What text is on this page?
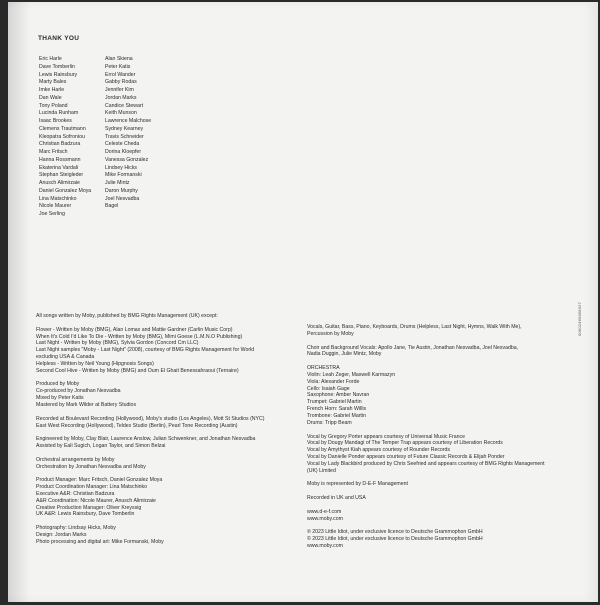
THANK YOU
Eric Harle
Dave Tomberlin
Lewis Rainsbury
Marty Bales
Imke Harle
Dan Wale
Tony Poland
Lucinda Runham
Isaac Brookes
Clemens Trautmann
Kleopatra Sofroniou
Christian Badzura
Marc Fritsch
Hanna Rossmann
Ekaterina Vardali
Stephan Steigleder
Anusch Alimirzaie
Daniel Gonzalez Moya
Lina Matschinko
Nicole Maurer
Joe Serling
Alan Skiena
Peter Katis
Errol Wander
Gabby Rodas
Jennifer Kim
Jordan Marks
Candice Stewart
Keith Munson
Lawrence Malchose
Sydney Kearney
Travis Schneider
Celeste Cheda
Dorina Kloepfer
Vanessa Gonzalez
Lindsey Hicks
Mike Formanski
Julie Mintz
Daron Murphy
Joel Nesvadba
Bagel
00602465858927
All songs written by Moby, published by BMG Rights Management (UK) except:
Flower - Written by Moby (BMG), Alan Lomax and Mattie Gardner (Carlin Music Corp)
When It's Cold I'd Like To Die - Written by Moby (BMG), Mimi Goese (L.M.N.O Publishing)
Last Night - Written by Moby (BMG), Sylvia Gordon (Concord Cm LLC)
Last Night samples "Moby - Last Night" (2008), courtesy of BMG Rights Management for World
excluding USA & Canada
Helpless - Written by Neil Young (Hipgnosis Songs)
Second Cool Hive - Written by Moby (BMG) and Oum El Ghait Benessahraoui (Ternaire)
Produced by Moby
Co-produced by Jonathan Nesvadba
Mixed by Peter Katis
Mastered by Mark Wilder at Battery Studios
Recorded at Boulevard Recording (Hollywood), Moby's studio (Los Angeles), Mott St Studios (NYC)
East West Recording (Hollywood), Teldex Studio (Berlin), Pearl Tone Recording (Austin)
Engineered by Moby, Clay Blair, Laurence Anslow, Julian Schwenkner, and Jonathan Nesvadba
Assisted by Eali Sugich, Logan Taylor, and Simon Belzai
Orchestral arrangements by Moby
Orchestration by Jonathan Nesvadba and Moby
Product Manager: Marc Fritsch, Daniel Gonzalez Moya
Product Coordination Manager: Lina Matschinko
Executive A&R: Christian Badzura
A&R Coordination: Nicole Maurer, Anusch Alimirzaie
Creative Production Manager: Oliver Kreyssig
UK A&R: Lewis Rainsbury, Dave Tomberlin
Photography: Lindsay Hicks, Moby
Design: Jordan Marks
Photo processing and digital art: Mike Formanski, Moby
Vocals, Guitar, Bass, Piano, Keyboards, Drums (Helpless, Last Night, Hymns, Walk With Me),
Percussion by Moby
Choir and Background Vocals: Apollo Jane, Tie Austin, Jonathan Nesvadba, Joel Nesvadba,
Nadia Duggin, Julie Mintz, Moby
ORCHESTRA
Violin: Leah Zeger, Maxwell Karmazyn
Viola: Alexander Forde
Cello: Isaiah Gage
Saxophone: Amber Navran
Trumpet: Gabriel Martin
French Horn: Sarah Willis
Trombone: Gabriel Martin
Drums: Tripp Beam
Vocal by Gregory Porter appears courtesy of Universal Music France
Vocal by Dougy Mandagi of The Temper Trap appears courtesy of Liberation Records
Vocal by Amythyst Kiah appears courtesy of Rounder Records
Vocal by Danielle Ponder appears courtesy of Future Classic Records & Elijah Ponder
Vocal by Lady Blackbird produced by Chris Seefried and appears courtesy of BMG Rights Management
(UK) Limited
Moby is represented by D-E-F Management
Recorded in UK and USA
www.d-e-f.com
www.moby.com
℗ 2023 Little Idiot, under exclusive licence to Deutsche Grammophon GmbH
© 2023 Little Idiot, under exclusive licence to Deutsche Grammophon GmbH
www.moby.com
